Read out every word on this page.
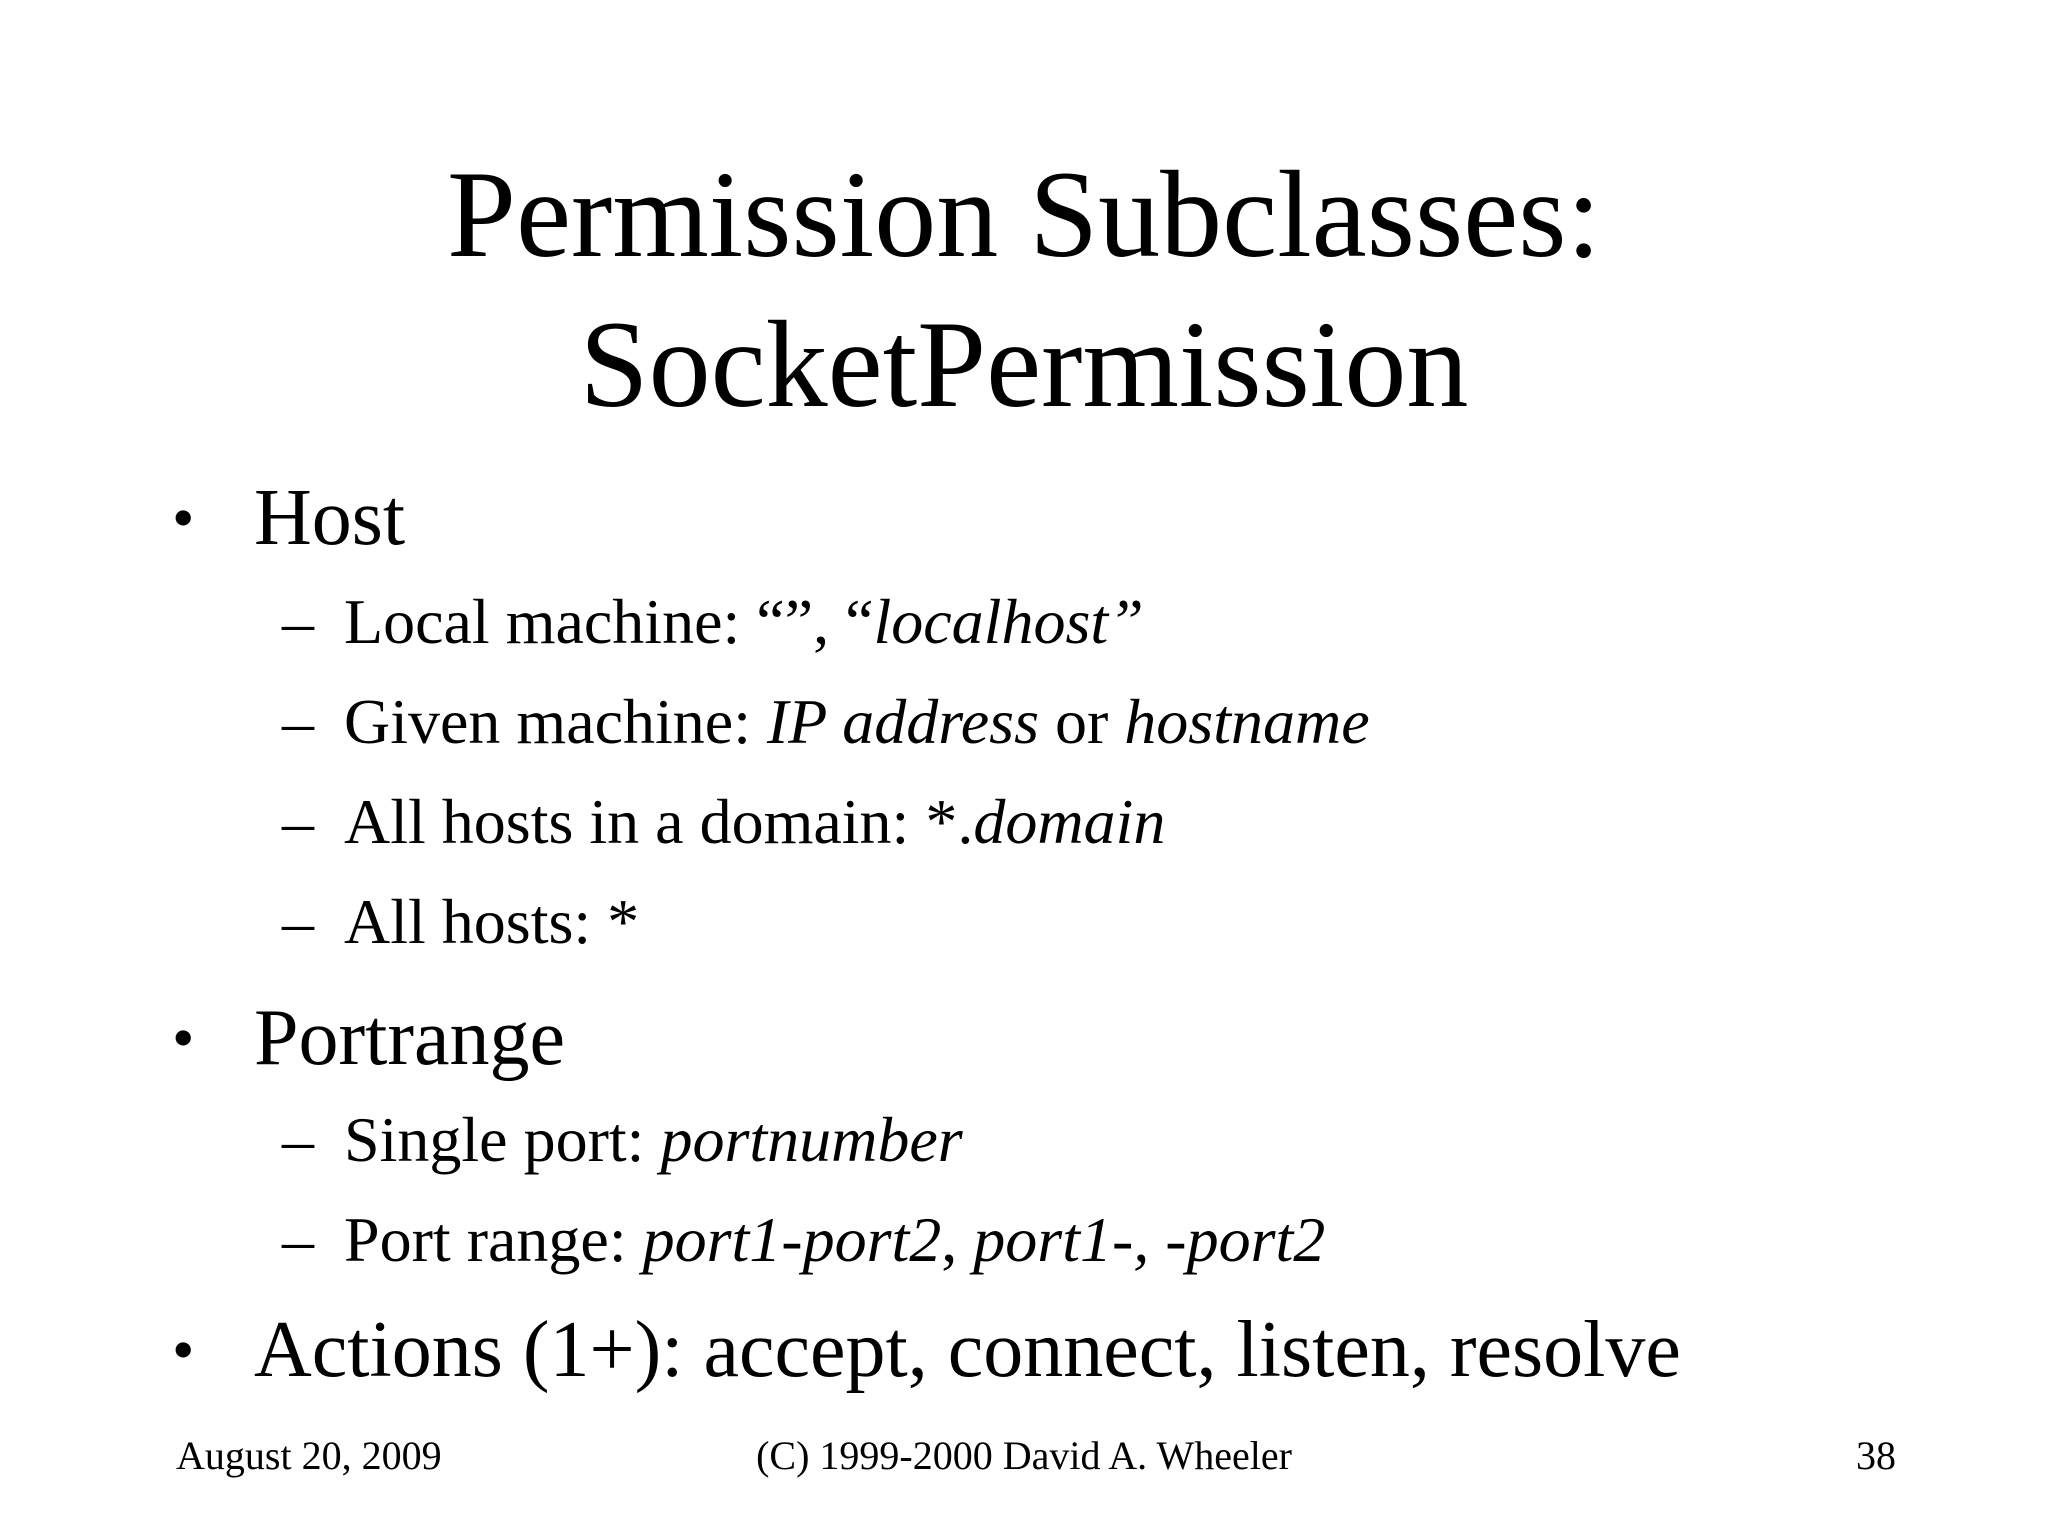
Permission Subclasses:
SocketPermission
• Host
– Local machine: “”, “localhost”
– Given machine: IP address or hostname
– All hosts in a domain: *.domain
– All hosts: *
• Portrange
– Single port: portnumber
– Port range: port1-port2, port1-, -port2
• Actions (1+): accept, connect, listen, resolve
August 20, 2009	(C) 1999-2000 David A. Wheeler	38
